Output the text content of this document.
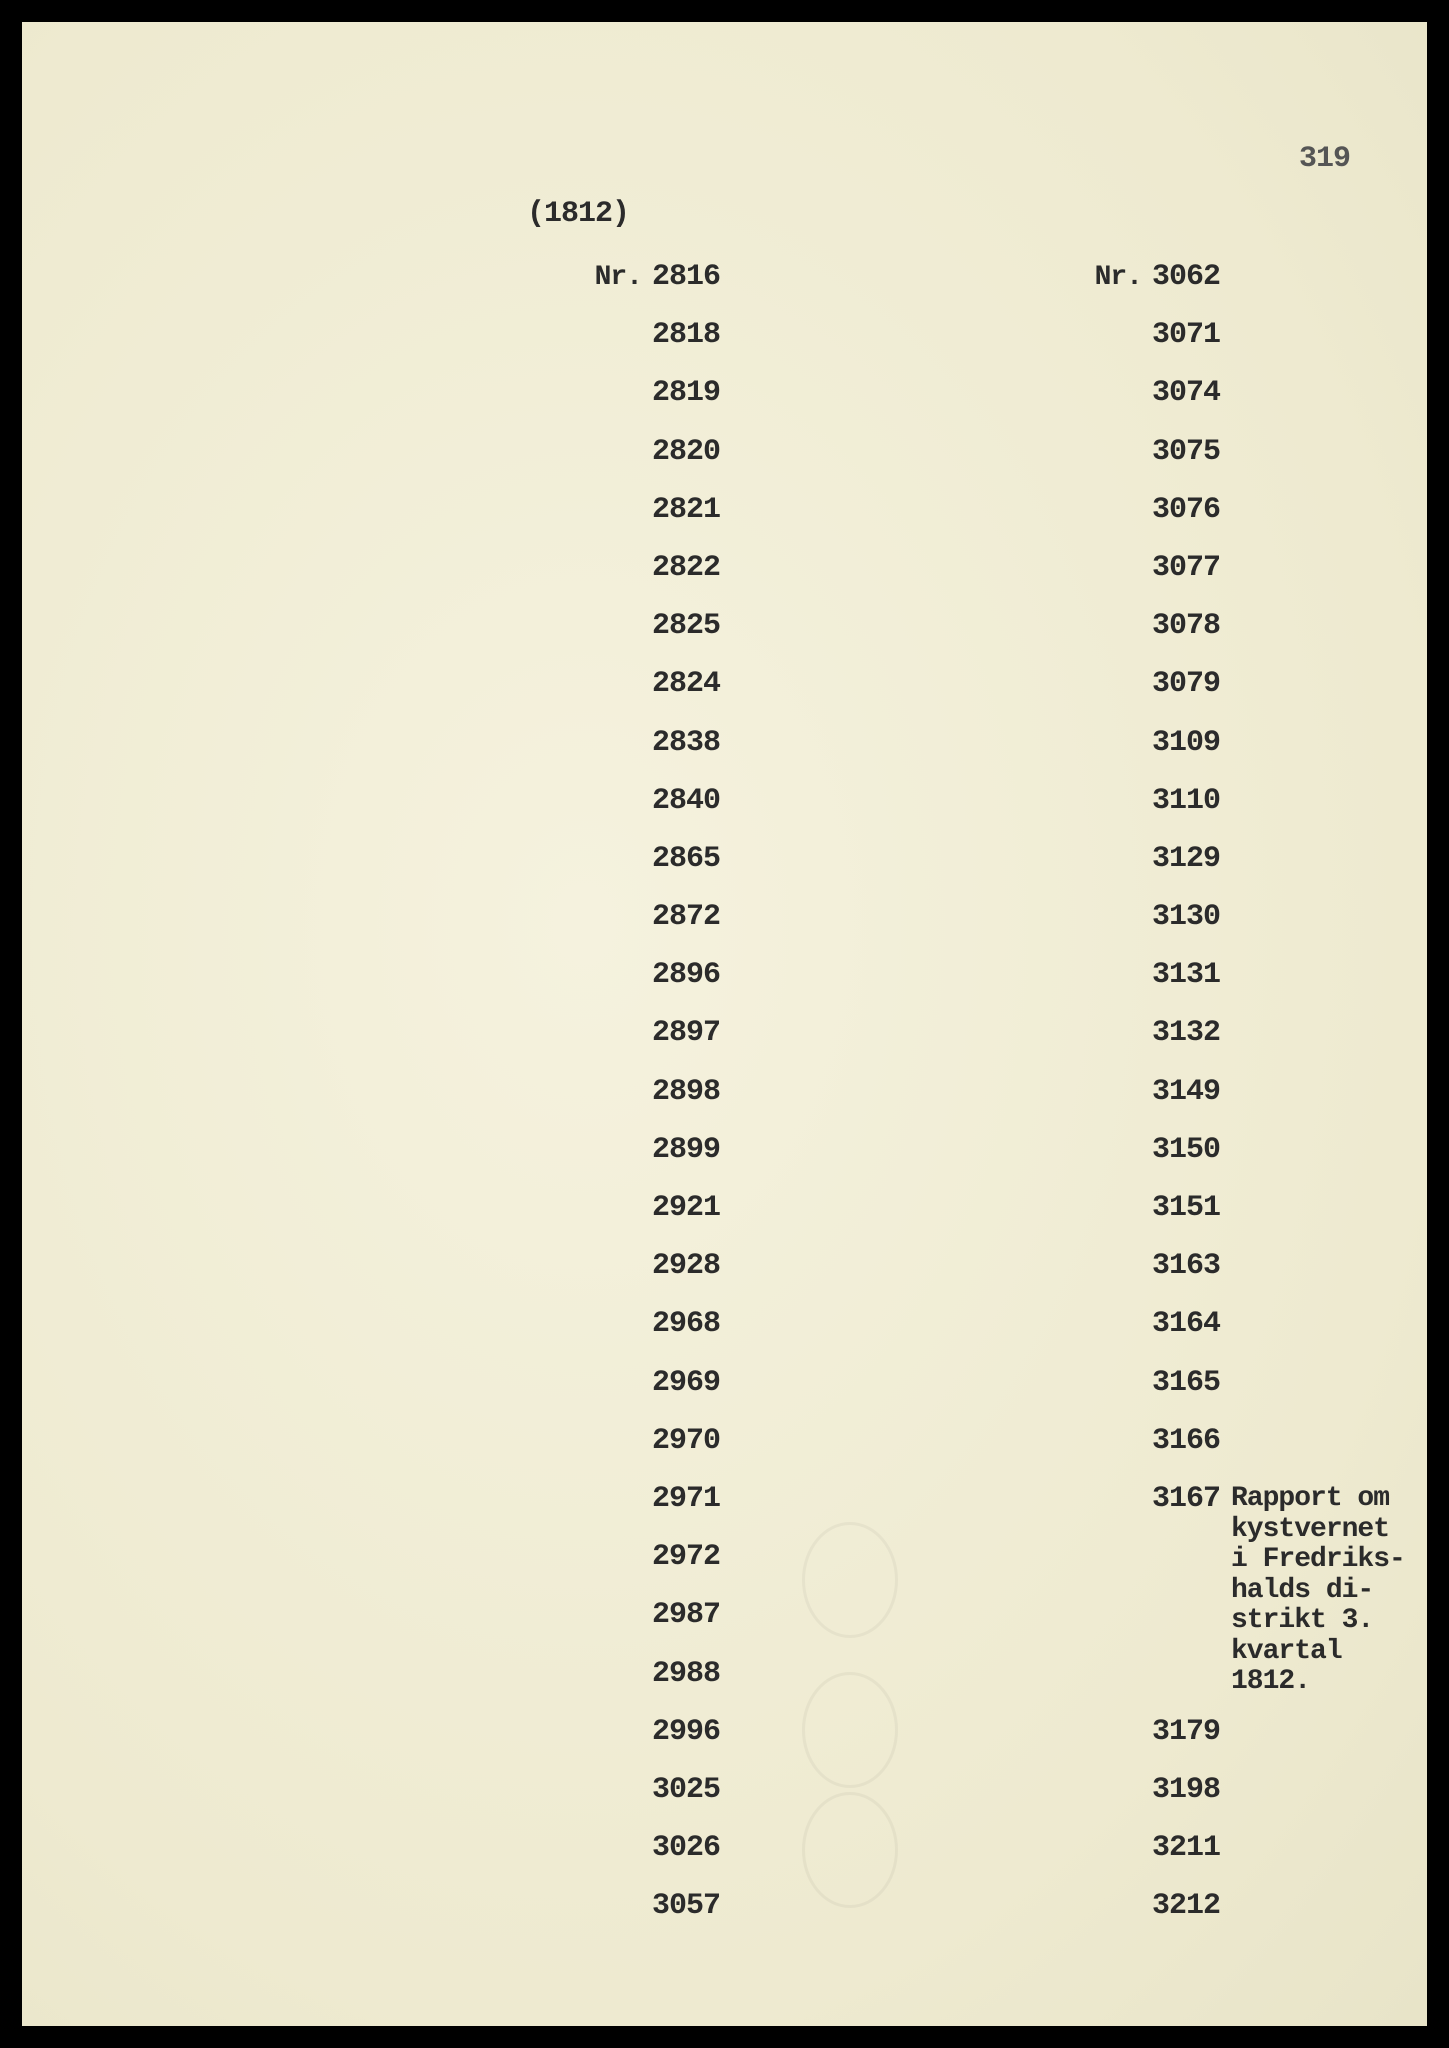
319
(1812)
Nr. 2816
2818
2819
2820
2821
2822
2825
2824
2838
2840
2865
2872
2896
2897
2898
2899
2921
2928
2968
2969
2970
2971
2972
2987
2988
2996
3025
3026
3057
Nr. 3062
3071
3074
3075
3076
3077
3078
3079
3109
3110
3129
3130
3131
3132
3149
3150
3151
3163
3164
3165
3166
3167
3179
3198
3211
3212
Rapport om
kystvernet
i Fredriks-
halds di-
strikt 3.
kvartal
1812.
